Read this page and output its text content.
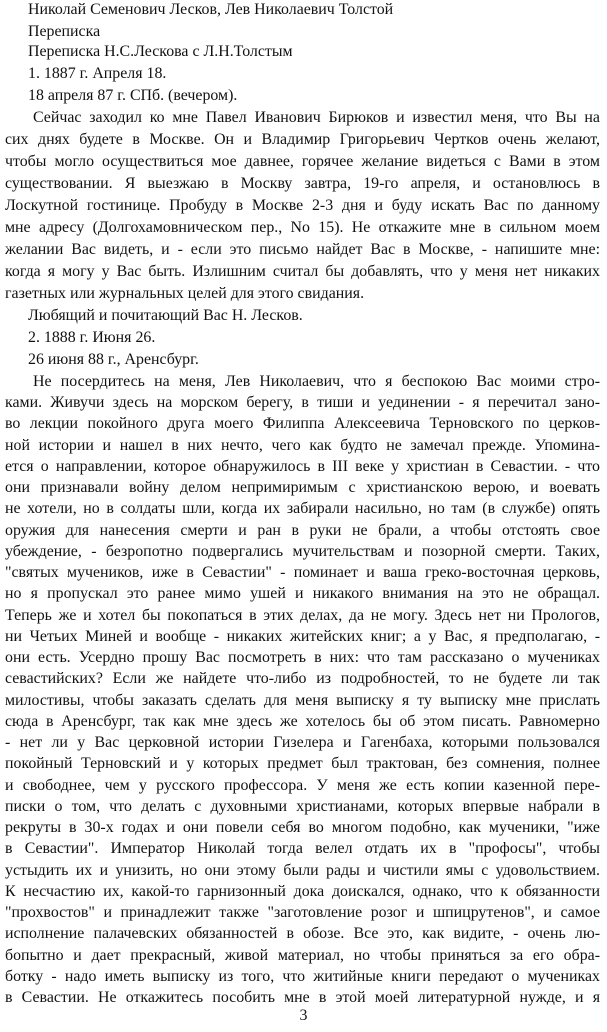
Николай Семенович Лесков, Лев Николаевич Толстой
Переписка
Переписка Н.С.Лескова с Л.Н.Толстым
1. 1887 г. Апреля 18.
18 апреля 87 г. СПб. (вечером).
Сейчас заходил ко мне Павел Иванович Бирюков и известил меня, что Вы на
сих днях будете в Москве. Он и Владимир Григорьевич Чертков очень желают,
чтобы могло осуществиться мое давнее, горячее желание видеться с Вами в этом
существовании. Я выезжаю в Москву завтра, 19-го апреля, и остановлюсь в
Лоскутной гостинице. Пробуду в Москве 2-3 дня и буду искать Вас по данному
мне адресу (Долгохамовническом пер., No 15). Не откажите мне в сильном моем
желании Вас видеть, и - если это письмо найдет Вас в Москве, - напишите мне:
когда я могу у Вас быть. Излишним считал бы добавлять, что у меня нет никаких
газетных или журнальных целей для этого свидания.
Любящий и почитающий Вас Н. Лесков.
2. 1888 г. Июня 26.
26 июня 88 г., Аренсбург.
Не посердитесь на меня, Лев Николаевич, что я беспокою Вас моими стро-
ками. Живучи здесь на морском берегу, в тиши и уединении - я перечитал зано-
во лекции покойного друга моего Филиппа Алексеевича Терновского по церков-
ной истории и нашел в них нечто, чего как будто не замечал прежде. Упомина-
ется о направлении, которое обнаружилось в III веке у христиан в Севастии. - что
они признавали войну делом непримиримым с христианскою верою, и воевать
не хотели, но в солдаты шли, когда их забирали насильно, но там (в службе) опять
оружия для нанесения смерти и ран в руки не брали, а чтобы отстоять свое
убеждение, - безропотно подвергались мучительствам и позорной смерти. Таких,
"святых мучеников, иже в Севастии" - поминает и ваша греко-восточная церковь,
но я пропускал это ранее мимо ушей и никакого внимания на это не обращал.
Теперь же и хотел бы покопаться в этих делах, да не могу. Здесь нет ни Прологов,
ни Четьих Миней и вообще - никаких житейских книг; а у Вас, я предполагаю, -
они есть. Усердно прошу Вас посмотреть в них: что там рассказано о мучениках
севастийских? Если же найдете что-либо из подробностей, то не будете ли так
милостивы, чтобы заказать сделать для меня выписку я ту выписку мне прислать
сюда в Аренсбург, так как мне здесь же хотелось бы об этом писать. Равномерно
- нет ли у Вас церковной истории Гизелера и Гагенбаха, которыми пользовался
покойный Терновский и у которых предмет был трактован, без сомнения, полнее
и свободнее, чем у русского профессора. У меня же есть копии казенной пере-
писки о том, что делать с духовными христианами, которых впервые набрали в
рекруты в 30-х годах и они повели себя во многом подобно, как мученики, "иже
в Севастии". Император Николай тогда велел отдать их в "профосы", чтобы
устыдить их и унизить, но они этому были рады и чистили ямы с удовольствием.
К несчастию их, какой-то гарнизонный дока доискался, однако, что к обязанности
"прохвостов" и принадлежит также "заготовление розог и шпицрутенов", и самое
исполнение палачевских обязанностей в обозе. Все это, как видите, - очень лю-
бопытно и дает прекрасный, живой материал, но чтобы приняться за его обра-
ботку - надо иметь выписку из того, что житийные книги передают о мучениках
в Севастии. Не откажитесь пособить мне в этой моей литературной нужде, и я
3
